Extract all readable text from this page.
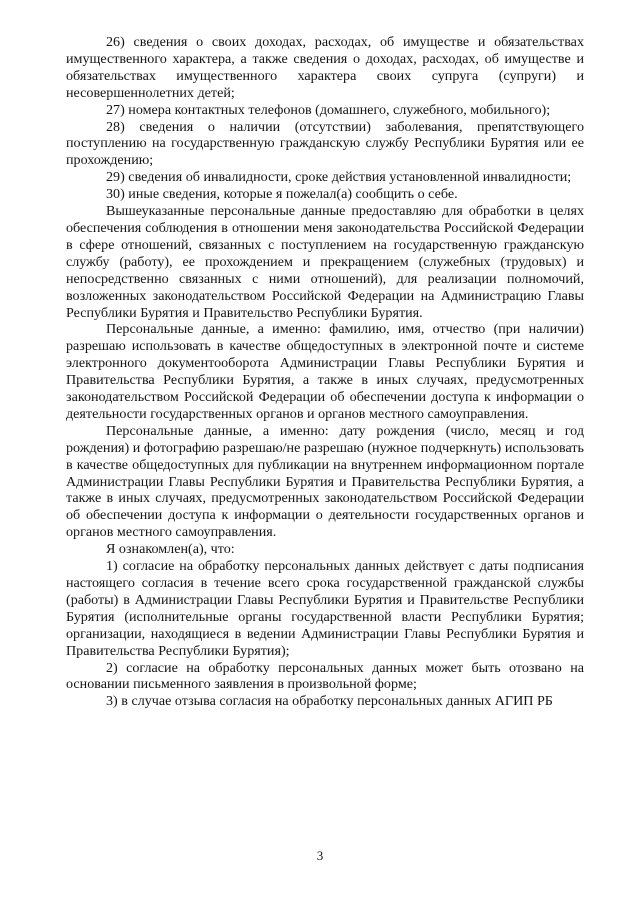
26) сведения о своих доходах, расходах, об имуществе и обязательствах имущественного характера, а также сведения о доходах, расходах, об имуществе и обязательствах имущественного характера своих супруга (супруги) и несовершеннолетних детей;

27) номера контактных телефонов (домашнего, служебного, мобильного);

28) сведения о наличии (отсутствии) заболевания, препятствующего поступлению на государственную гражданскую службу Республики Бурятия или ее прохождению;

29) сведения об инвалидности, сроке действия установленной инвалидности;

30) иные сведения, которые я пожелал(а) сообщить о себе.

Вышеуказанные персональные данные предоставляю для обработки в целях обеспечения соблюдения в отношении меня законодательства Российской Федерации в сфере отношений, связанных с поступлением на государственную гражданскую службу (работу), ее прохождением и прекращением (служебных (трудовых) и непосредственно связанных с ними отношений), для реализации полномочий, возложенных законодательством Российской Федерации на Администрацию Главы Республики Бурятия и Правительство Республики Бурятия.

Персональные данные, а именно: фамилию, имя, отчество (при наличии) разрешаю использовать в качестве общедоступных в электронной почте и системе электронного документооборота Администрации Главы Республики Бурятия и Правительства Республики Бурятия, а также в иных случаях, предусмотренных законодательством Российской Федерации об обеспечении доступа к информации о деятельности государственных органов и органов местного самоуправления.

Персональные данные, а именно: дату рождения (число, месяц и год рождения) и фотографию разрешаю/не разрешаю (нужное подчеркнуть) использовать в качестве общедоступных для публикации на внутреннем информационном портале Администрации Главы Республики Бурятия и Правительства Республики Бурятия, а также в иных случаях, предусмотренных законодательством Российской Федерации об обеспечении доступа к информации о деятельности государственных органов и органов местного самоуправления.

Я ознакомлен(а), что:

1) согласие на обработку персональных данных действует с даты подписания настоящего согласия в течение всего срока государственной гражданской службы (работы) в Администрации Главы Республики Бурятия и Правительстве Республики Бурятия (исполнительные органы государственной власти Республики Бурятия; организации, находящиеся в ведении Администрации Главы Республики Бурятия и Правительства Республики Бурятия);

2) согласие на обработку персональных данных может быть отозвано на основании письменного заявления в произвольной форме;

3) в случае отзыва согласия на обработку персональных данных АГИП РБ

3
